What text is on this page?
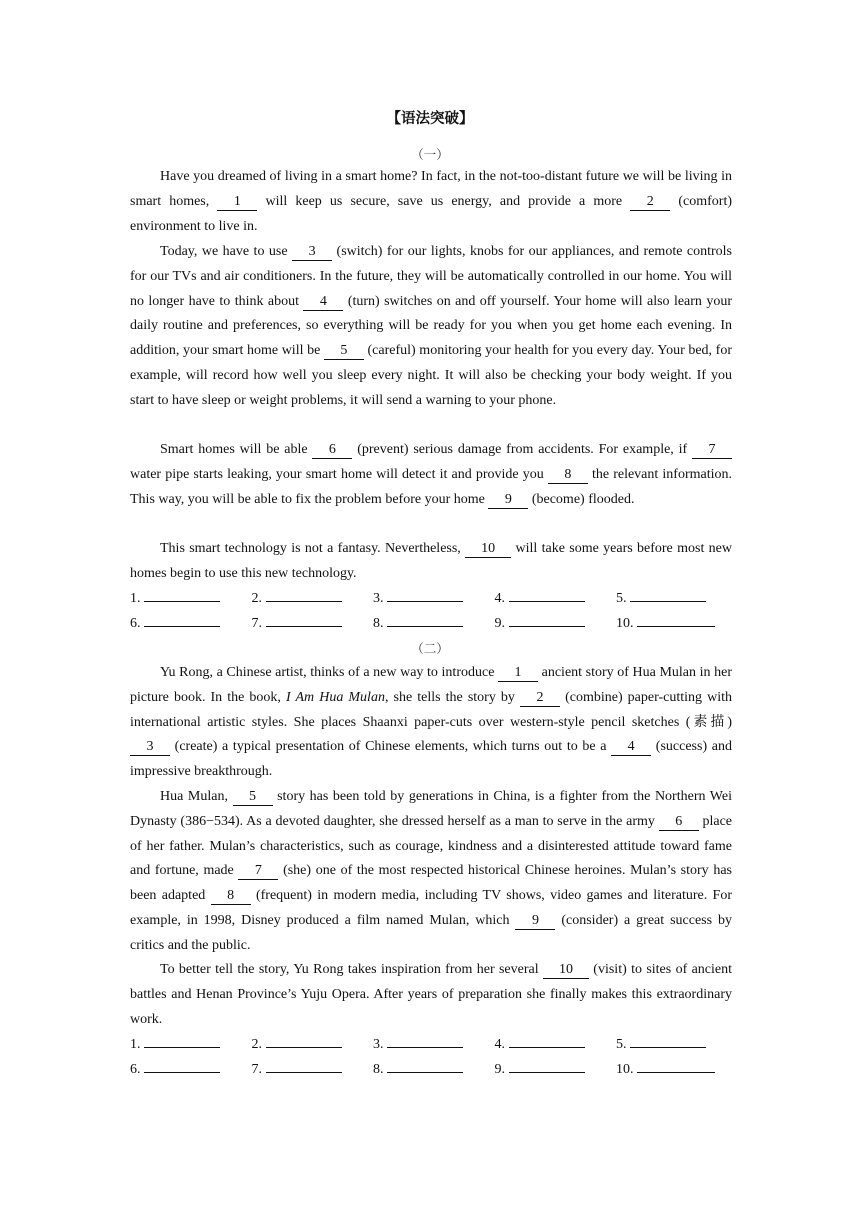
【语法突破】
（一）

Have you dreamed of living in a smart home? In fact, in the not-too-distant future we will be living in smart homes, 1 will keep us secure, save us energy, and provide a more 2 (comfort) environment to live in.

Today, we have to use 3 (switch) for our lights, knobs for our appliances, and remote controls for our TVs and air conditioners. In the future, they will be automatically controlled in our home. You will no longer have to think about 4 (turn) switches on and off yourself. Your home will also learn your daily routine and preferences, so everything will be ready for you when you get home each evening. In addition, your smart home will be 5 (careful) monitoring your health for you every day. Your bed, for example, will record how well you sleep every night. It will also be checking your body weight. If you start to have sleep or weight problems, it will send a warning to your phone.

Smart homes will be able 6 (prevent) serious damage from accidents. For example, if 7 water pipe starts leaking, your smart home will detect it and provide you 8 the relevant information. This way, you will be able to fix the problem before your home 9 (become) flooded.

This smart technology is not a fantasy. Nevertheless, 10 will take some years before most new homes begin to use this new technology.

1.	2.	3.	4.	5.
6.	7.	8.	9.	10.
（二）

Yu Rong, a Chinese artist, thinks of a new way to introduce 1 ancient story of Hua Mulan in her picture book. In the book, I Am Hua Mulan, she tells the story by 2 (combine) paper-cutting with international artistic styles. She places Shaanxi paper-cuts over western-style pencil sketches (素描) 3 (create) a typical presentation of Chinese elements, which turns out to be a 4 (success) and impressive breakthrough.

Hua Mulan, 5 story has been told by generations in China, is a fighter from the Northern Wei Dynasty (386−534). As a devoted daughter, she dressed herself as a man to serve in the army 6 place of her father. Mulan’s characteristics, such as courage, kindness and a disinterested attitude toward fame and fortune, made 7 (she) one of the most respected historical Chinese heroines. Mulan’s story has been adapted 8 (frequent) in modern media, including TV shows, video games and literature. For example, in 1998, Disney produced a film named Mulan, which 9 (consider) a great success by critics and the public.

To better tell the story, Yu Rong takes inspiration from her several 10 (visit) to sites of ancient battles and Henan Province’s Yuju Opera. After years of preparation she finally makes this extraordinary work.

1.	2.	3.	4.	5.
6.	7.	8.	9.	10.
